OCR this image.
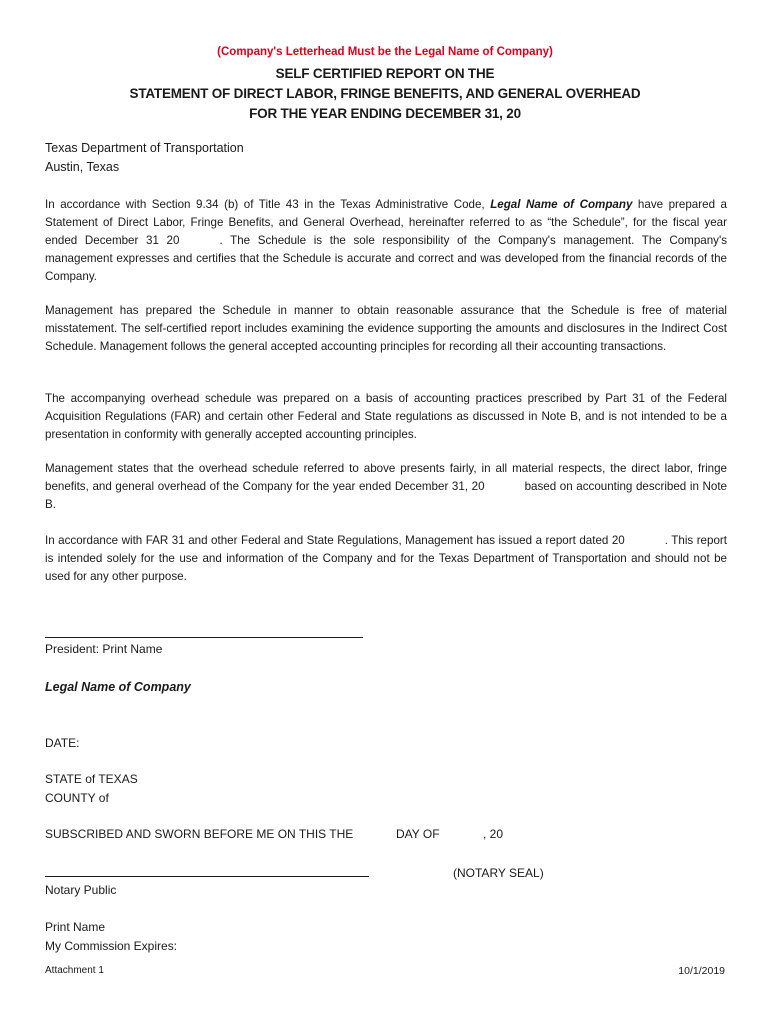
(Company's Letterhead Must be the Legal Name of Company)
SELF CERTIFIED REPORT ON THE
STATEMENT OF DIRECT LABOR, FRINGE BENEFITS, AND GENERAL OVERHEAD
FOR THE YEAR ENDING DECEMBER 31, 20
Texas Department of Transportation
Austin, Texas
In accordance with Section 9.34 (b) of Title 43 in the Texas Administrative Code, Legal Name of Company have prepared a Statement of Direct Labor, Fringe Benefits, and General Overhead, hereinafter referred to as “the Schedule”, for the fiscal year ended December 31 20	. The Schedule is the sole responsibility of the Company's management. The Company's management expresses and certifies that the Schedule is accurate and correct and was developed from the financial records of the Company.
Management has prepared the Schedule in manner to obtain reasonable assurance that the Schedule is free of material misstatement. The self-certified report includes examining the evidence supporting the amounts and disclosures in the Indirect Cost Schedule. Management follows the general accepted accounting principles for recording all their accounting transactions.
The accompanying overhead schedule was prepared on a basis of accounting practices prescribed by Part 31 of the Federal Acquisition Regulations (FAR) and certain other Federal and State regulations as discussed in Note B, and is not intended to be a presentation in conformity with generally accepted accounting principles.
Management states that the overhead schedule referred to above presents fairly, in all material respects, the direct labor, fringe benefits, and general overhead of the Company for the year ended December 31, 20	based on accounting described in Note B.
In accordance with FAR 31 and other Federal and State Regulations, Management has issued a report dated 20	. This report is intended solely for the use and information of the Company and for the Texas Department of Transportation and should not be used for any other purpose.
President: Print Name
Legal Name of Company
DATE:
STATE of TEXAS
COUNTY of
SUBSCRIBED AND SWORN BEFORE ME ON THIS THE	DAY OF	, 20
(NOTARY SEAL)
Notary Public
Print Name
My Commission Expires:
Attachment 1	10/1/2019
